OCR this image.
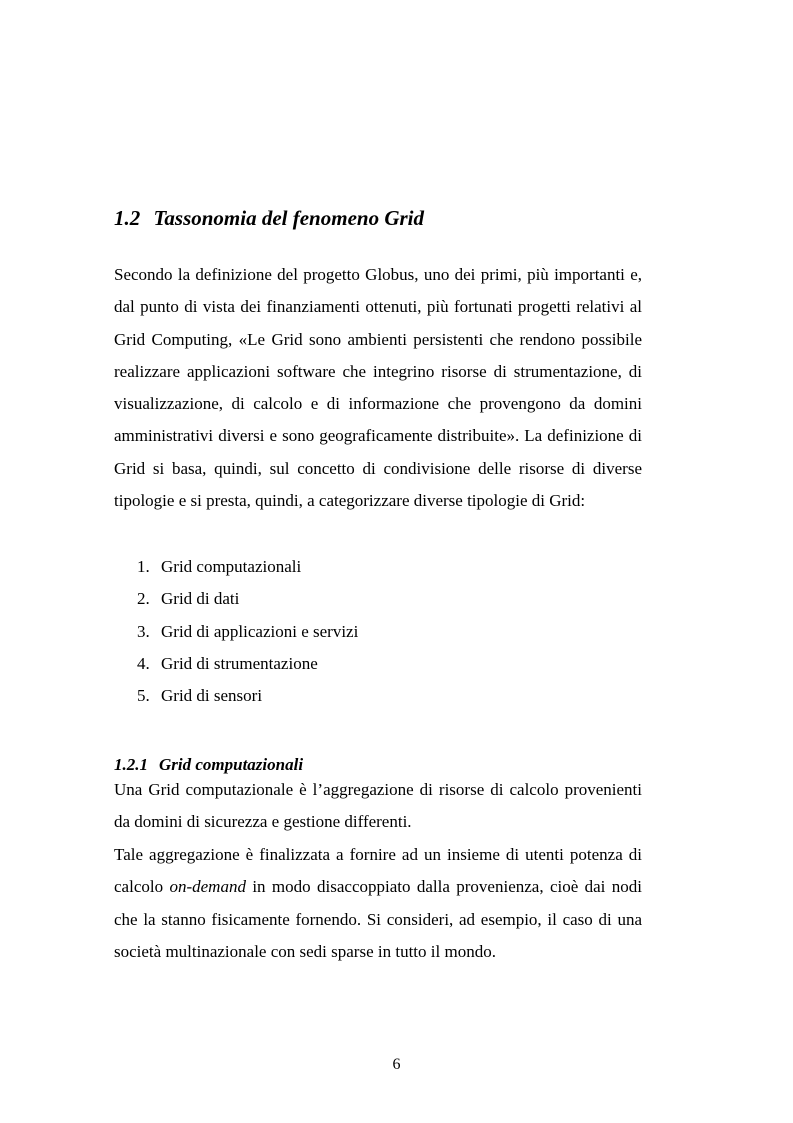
1.2 Tassonomia del fenomeno Grid

Secondo la definizione del progetto Globus, uno dei primi, più importanti e, dal punto di vista dei finanziamenti ottenuti, più fortunati progetti relativi al Grid Computing, «Le Grid sono ambienti persistenti che rendono possibile realizzare applicazioni software che integrino risorse di strumentazione, di visualizzazione, di calcolo e di informazione che provengono da domini amministrativi diversi e sono geograficamente distribuite». La definizione di Grid si basa, quindi, sul concetto di condivisione delle risorse di diverse tipologie e si presta, quindi, a categorizzare diverse tipologie di Grid:

1. Grid computazionali
2. Grid di dati
3. Grid di applicazioni e servizi
4. Grid di strumentazione
5. Grid di sensori
1.2.1 Grid computazionali

Una Grid computazionale è l’aggregazione di risorse di calcolo provenienti da domini di sicurezza e gestione differenti.

Tale aggregazione è finalizzata a fornire ad un insieme di utenti potenza di calcolo on-demand in modo disaccoppiato dalla provenienza, cioè dai nodi che la stanno fisicamente fornendo. Si consideri, ad esempio, il caso di una società multinazionale con sedi sparse in tutto il mondo.

6
